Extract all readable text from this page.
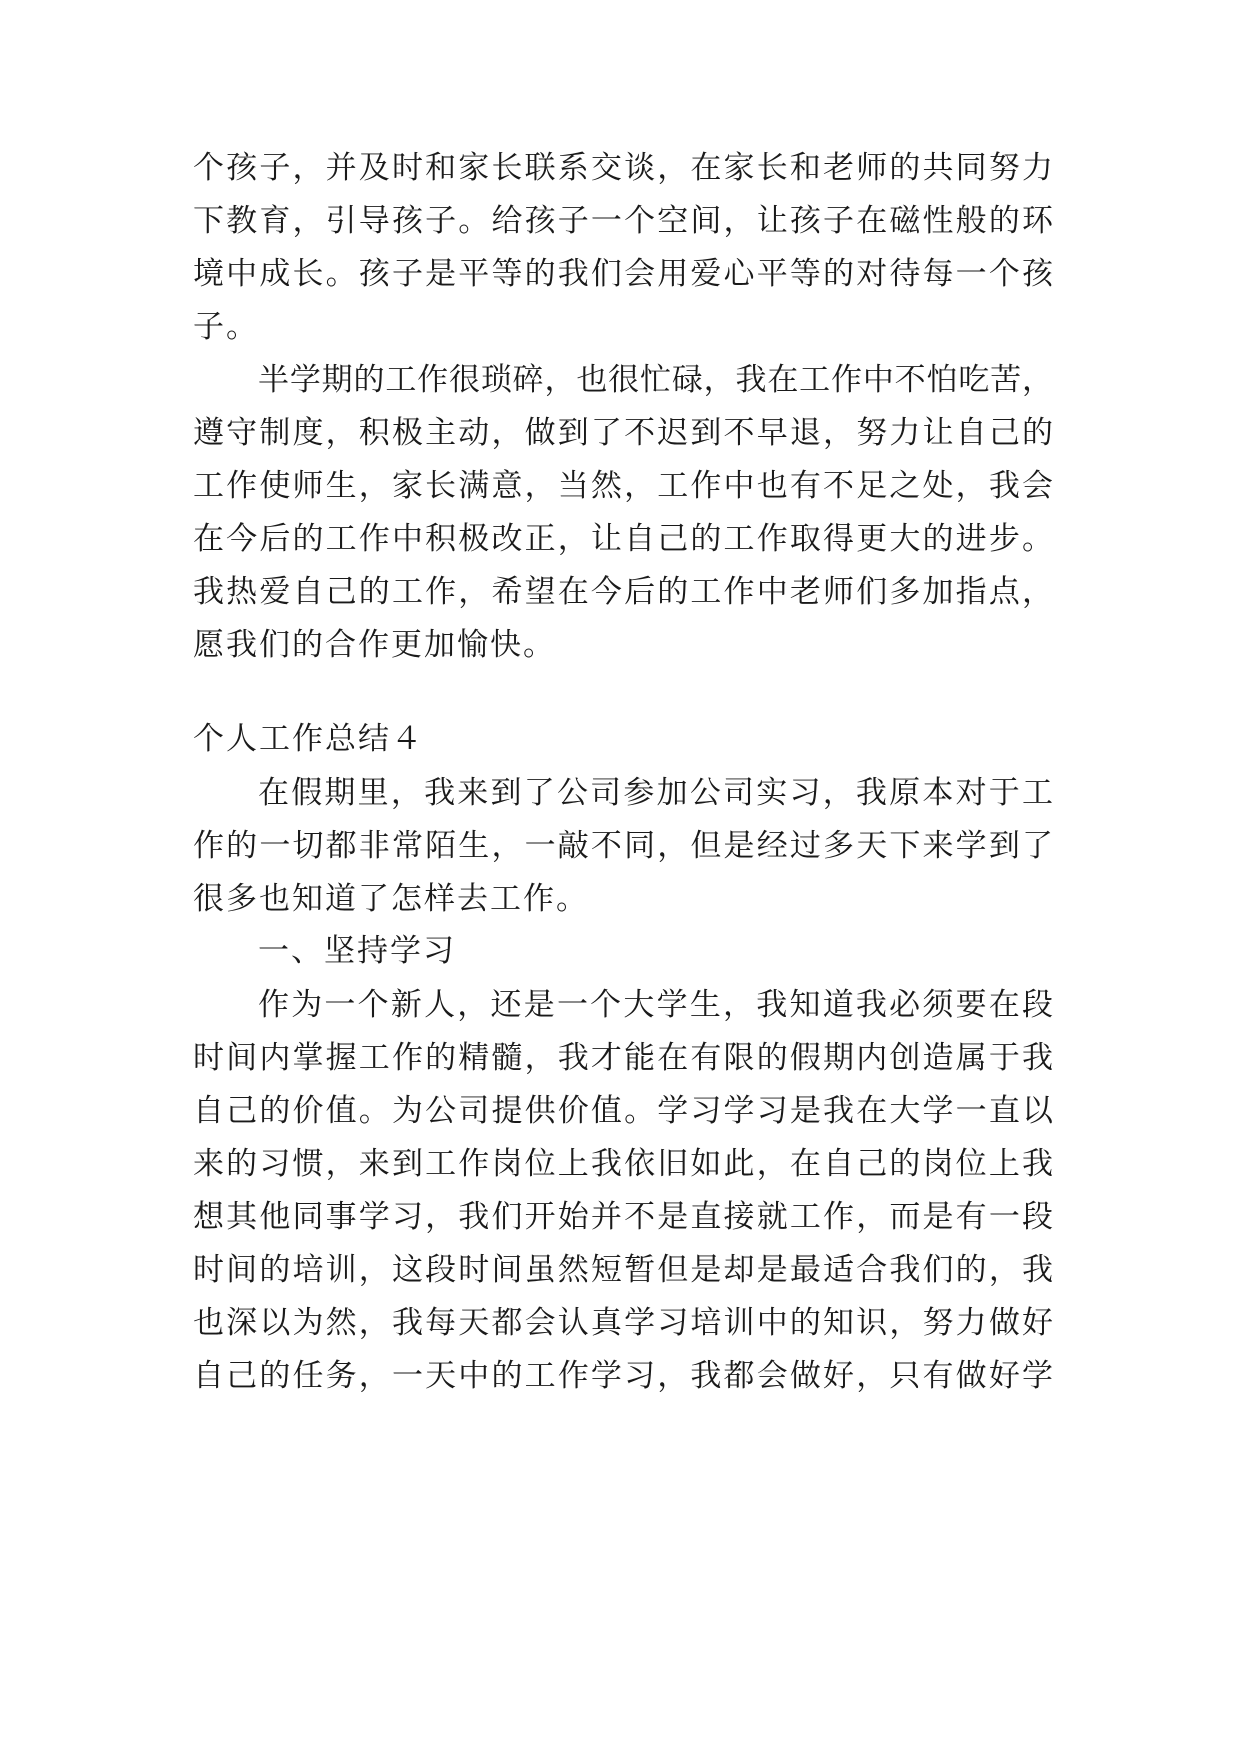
个孩子，并及时和家长联系交谈，在家长和老师的共同努力
下教育，引导孩子。给孩子一个空间，让孩子在磁性般的环
境中成长。孩子是平等的我们会用爱心平等的对待每一个孩
子。
半学期的工作很琐碎，也很忙碌，我在工作中不怕吃苦，
遵守制度，积极主动，做到了不迟到不早退，努力让自己的
工作使师生，家长满意，当然，工作中也有不足之处，我会
在今后的工作中积极改正，让自己的工作取得更大的进步。
我热爱自己的工作，希望在今后的工作中老师们多加指点，
愿我们的合作更加愉快。
个人工作总结４
在假期里，我来到了公司参加公司实习，我原本对于工
作的一切都非常陌生，一敲不同，但是经过多天下来学到了
很多也知道了怎样去工作。
一、坚持学习
作为一个新人，还是一个大学生，我知道我必须要在段
时间内掌握工作的精髓，我才能在有限的假期内创造属于我
自己的价值。为公司提供价值。学习学习是我在大学一直以
来的习惯，来到工作岗位上我依旧如此，在自己的岗位上我
想其他同事学习，我们开始并不是直接就工作，而是有一段
时间的培训，这段时间虽然短暂但是却是最适合我们的，我
也深以为然，我每天都会认真学习培训中的知识，努力做好
自己的任务，一天中的工作学习，我都会做好，只有做好学
